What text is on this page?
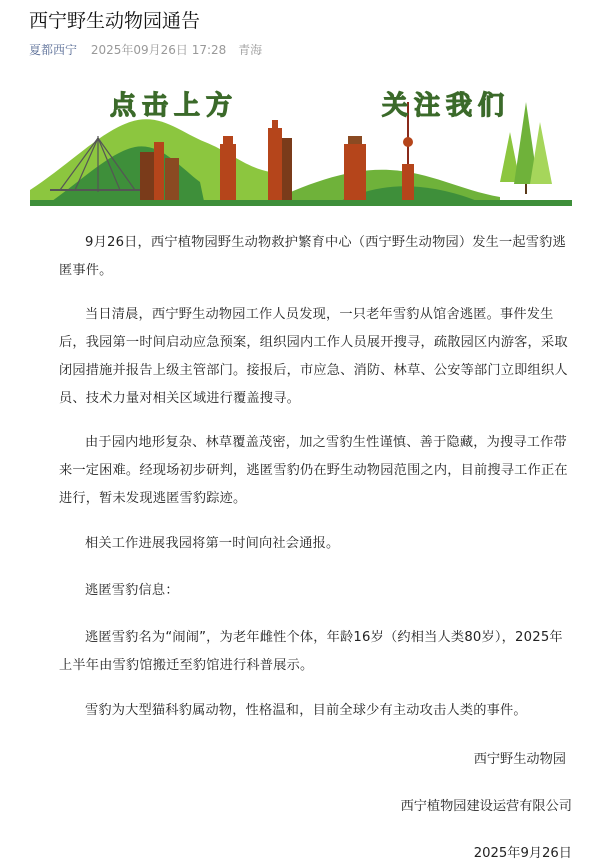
西宁野生动物园通告
夏都西宁 2025年09月26日 17:28 青海
点击上方	关注我们

9月26日，西宁植物园野生动物救护繁育中心（西宁野生动物园）发生一起雪豹逃匿事件。

当日清晨，西宁野生动物园工作人员发现，一只老年雪豹从馆舍逃匿。事件发生后，我园第一时间启动应急预案，组织园内工作人员展开搜寻，疏散园区内游客，采取闭园措施并报告上级主管部门。接报后，市应急、消防、林草、公安等部门立即组织人员、技术力量对相关区域进行覆盖搜寻。

由于园内地形复杂、林草覆盖茂密，加之雪豹生性谨慎、善于隐藏，为搜寻工作带来一定困难。经现场初步研判，逃匿雪豹仍在野生动物园范围之内，目前搜寻工作正在进行，暂未发现逃匿雪豹踪迹。

相关工作进展我园将第一时间向社会通报。

逃匿雪豹信息：

逃匿雪豹名为“闹闹”，为老年雌性个体，年龄16岁（约相当人类80岁），2025年上半年由雪豹馆搬迁至豹馆进行科普展示。

雪豹为大型猫科豹属动物，性格温和，目前全球少有主动攻击人类的事件。

西宁野生动物园
西宁植物园建设运营有限公司
2025年9月26日
